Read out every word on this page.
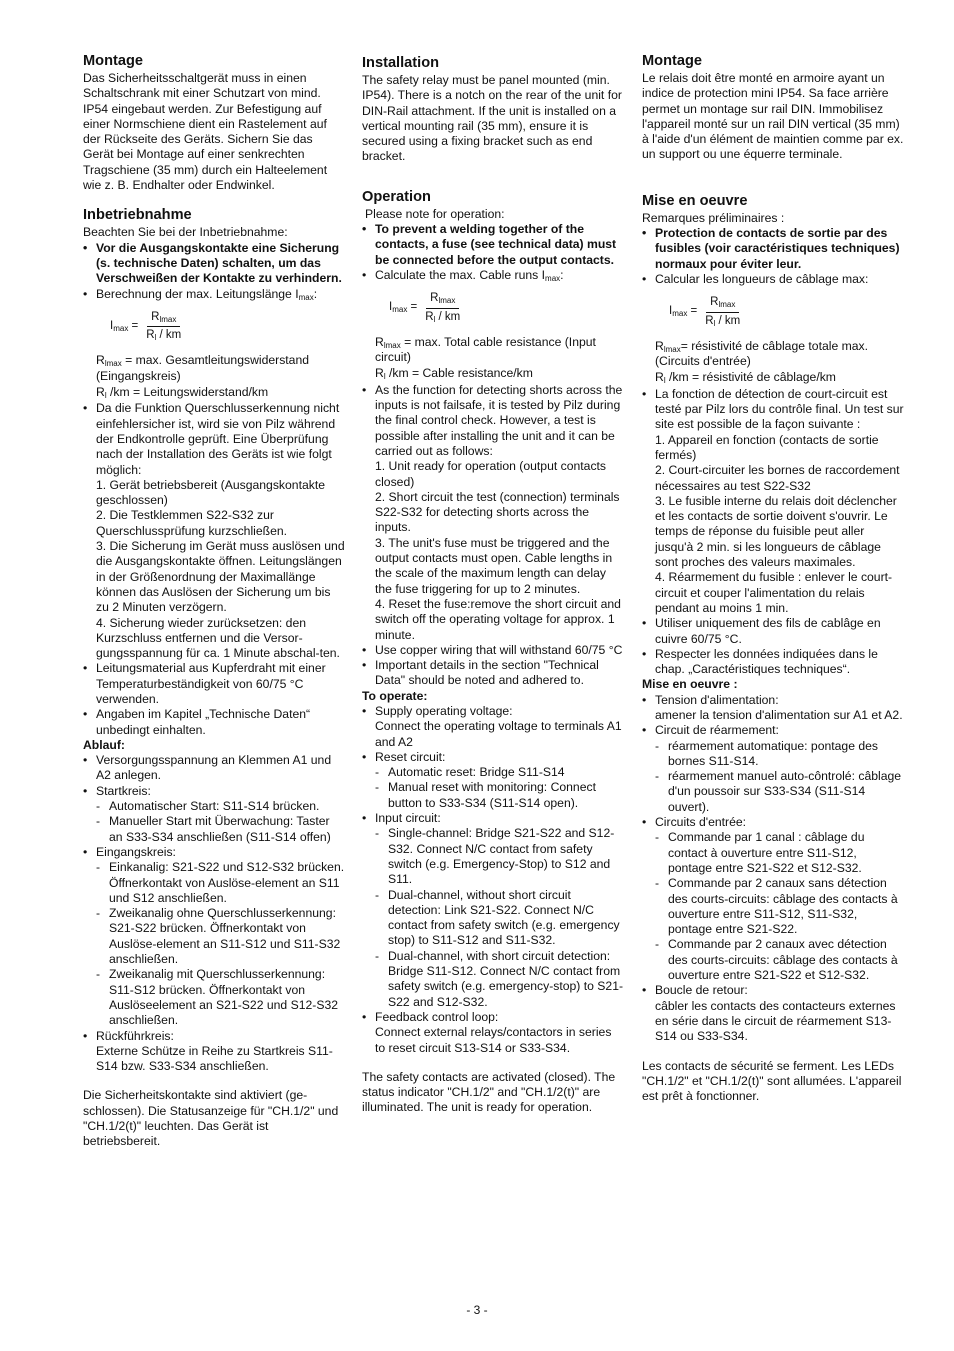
Montage

Das Sicherheitsschaltgerät muss in einen Schaltschrank mit einer Schutzart von mind. IP54 eingebaut werden. Zur Befestigung auf einer Normschiene dient ein Rastelement auf der Rückseite des Geräts. Sichern Sie das Gerät bei Montage auf einer senkrechten Tragschiene (35 mm) durch ein Halteelement wie z. B. Endhalter oder Endwinkel.

Inbetriebnahme

Beachten Sie bei der Inbetriebnahme:

• Vor die Ausgangskontakte eine Sicherung (s. technische Daten) schalten, um das Verschweißen der Kontakte zu verhindern.
• Berechnung der max. Leitungslänge $I_{max}$:
$I_{max} = \frac{R_{lmax}}{R_l / km}$
$R_{lmax} = \max$. Gesamtleitungswiderstand (Eingangskreis)
$R_l$ /km = Leitungswiderstand/km

• Da die Funktion Querschlusserkennung nicht einfehlersicher ist, wird sie von Pilz während der Endkontrolle geprüft. Eine Überprüfung nach der Installation des Geräts ist wie folgt möglich:

1. Gerät betriebsbereit (Ausgangskontakte geschlossen)

2. Die Testklemmen S22-S32 zur Querschlussprüfung kurzschließen.

3. Die Sicherung im Gerät muss auslösen und die Ausgangskontakte öffnen. Leitungslängen in der Größenordnung der Maximallänge können das Auslösen der Sicherung um bis zu 2 Minuten verzögern.

4. Sicherung wieder zurücksetzen: den Kurzschluss entfernen und die Versor-gungsspannung für ca. 1 Minute abschal-ten.

• Leitungsmaterial aus Kupferdraht mit einer Temperaturbeständigkeit von 60/75 °C verwenden.
• Angaben im Kapitel „Technische Daten“ unbedingt einhalten.

Ablauf:

• Versorgungsspannung an Klemmen A1 und A2 anlegen.
• Startkreis:
- Automatischer Start: S11-S14 brücken.
- Manueller Start mit Überwachung: Taster an S33-S34 anschließen (S11-S14 offen)
• Eingangskreis:
- Einkanalig: S21-S22 und S12-S32 brücken. Öffnerkontakt von Auslöse-element an S11 und S12 anschließen.
- Zweikanalig ohne Querschlusserkennung: S21-S22 brücken. Öffnerkontakt von Auslöse-element an S11-S12 und S11-S32 anschließen.
- Zweikanalig mit Querschlusserkennung: S11-S12 brücken. Öffnerkontakt von Auslöseelement an S21-S22 und S12-S32 anschließen.
• Rückführkreis:
Externe Schütze in Reihe zu Startkreis S11-S14 bzw. S33-S34 anschließen.

Die Sicherheitskontakte sind aktiviert (ge-schlossen). Die Statusanzeige für "CH.1/2" und "CH.1/2(t)" leuchten. Das Gerät ist betriebsbereit.

Installation

The safety relay must be panel mounted (min. IP54). There is a notch on the rear of the unit for DIN-Rail attachment. If the unit is installed on a vertical mounting rail (35 mm), ensure it is secured using a fixing bracket such as end bracket.

Operation

Please note for operation:

• To prevent a welding together of the contacts, a fuse (see technical data) must be connected before the output contacts.
• Calculate the max. Cable runs $I_{max}$:
$I_{max} = \frac{R_{lmax}}{R_l / km}$
$R_{lmax} = \max$. Total cable resistance (Input circuit)
$R_l$ /km = Cable resistance/km

• As the function for detecting shorts across the inputs is not failsafe, it is tested by Pilz during the final control check. However, a test is possible after installing the unit and it can be carried out as follows:

1. Unit ready for operation (output contacts closed)

2. Short circuit the test (connection) terminals S22-S32 for detecting shorts across the inputs.

3. The unit's fuse must be triggered and the output contacts must open. Cable lengths in the scale of the maximum length can delay the fuse triggering for up to 2 minutes.

4. Reset the fuse:remove the short circuit and switch off the operating voltage for approx. 1 minute.

• Use copper wiring that will withstand 60/75 °C
• Important details in the section "Technical Data" should be noted and adhered to.

To operate:

• Supply operating voltage:
Connect the operating voltage to terminals A1 and A2
• Reset circuit:
- Automatic reset: Bridge S11-S14
- Manual reset with monitoring: Connect button to S33-S34 (S11-S14 open).
• Input circuit:
- Single-channel: Bridge S21-S22 and S12-S32. Connect N/C contact from safety switch (e.g. Emergency-Stop) to S12 and S11.
- Dual-channel, without short circuit detection: Link S21-S22. Connect N/C contact from safety switch (e.g. emergency stop) to S11-S12 and S11-S32.
- Dual-channel, with short circuit detection: Bridge S11-S12. Connect N/C contact from safety switch (e.g. emergency-stop) to S21-S22 and S12-S32.
• Feedback control loop:
Connect external relays/contactors in series to reset circuit S13-S14 or S33-S34.

The safety contacts are activated (closed). The status indicator "CH.1/2" and "CH.1/2(t)" are illuminated. The unit is ready for operation.

Montage

Le relais doit être monté en armoire ayant un indice de protection mini IP54. Sa face arrière permet un montage sur rail DIN. Immobilisez l'appareil monté sur un rail DIN vertical (35 mm) à l'aide d'un élément de maintien comme par ex. un support ou une équerre terminale.

Mise en oeuvre

Remarques préliminaires :

• Protection de contacts de sortie par des fusibles (voir caractéristiques techniques) normaux pour éviter leur.
• Calcular les longueurs de câblage max:
$I_{max} = \frac{R_{lmax}}{R_l / km}$
$R_{lmax}=$ résistivité de câblage totale max. (Circuits d'entrée)
$R_l$ /km = résistivité de câblage/km

• La fonction de détection de court-circuit est testé par Pilz lors du contrôle final. Un test sur site est possible de la façon suivante :

1. Appareil en fonction (contacts de sortie fermés)

2. Court-circuiter les bornes de raccordement nécessaires au test S22-S32

3. Le fusible interne du relais doit déclencher et les contacts de sortie doivent s'ouvrir. Le temps de réponse du fuisible peut aller jusqu'à 2 min. si les longueurs de câblage sont proches des valeurs maximales.

4. Réarmement du fusible : enlever le court-circuit et couper l'alimentation du relais pendant au moins 1 min.

• Utiliser uniquement des fils de cablâge en cuivre 60/75 °C.
• Respecter les données indiquées dans le chap. „Caractéristiques techniques“.

Mise en oeuvre :

• Tension d'alimentation:
amener la tension d'alimentation sur A1 et A2.
• Circuit de réarmement:
- réarmement automatique: pontage des bornes S11-S14.
- réarmement manuel auto-côntrolé: câblage d'un poussoir sur S33-S34 (S11-S14 ouvert).
• Circuits d'entrée:
- Commande par 1 canal : câblage du contact à ouverture entre S11-S12, pontage entre S21-S22 et S12-S32.
- Commande par 2 canaux sans détection des courts-circuits: câblage des contacts à ouverture entre S11-S12, S11-S32, pontage entre S21-S22.
- Commande par 2 canaux avec détection des courts-circuits: câblage des contacts à ouverture entre S21-S22 et S12-S32.
• Boucle de retour:
câbler les contacts des contacteurs externes en série dans le circuit de réarmement S13-S14 ou S33-S34.

Les contacts de sécurité se ferment. Les LEDs "CH.1/2" et "CH.1/2(t)" sont allumées. L'appareil est prêt à fonctionner.

- 3 -
